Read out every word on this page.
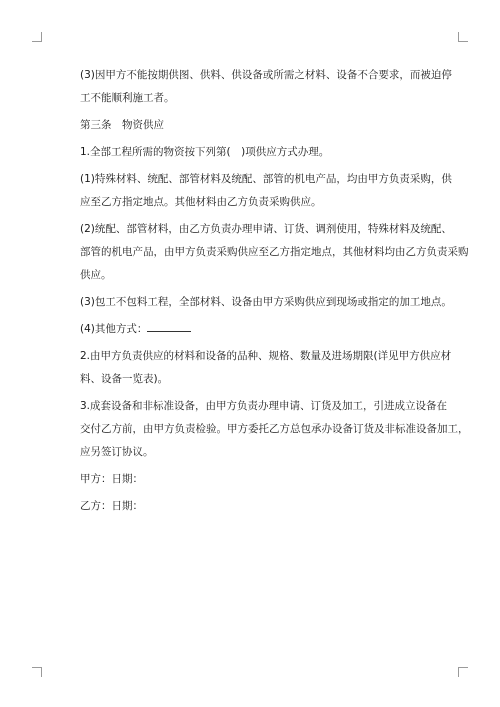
(3)因甲方不能按期供图、供料、供设备或所需之材料、设备不合要求，而被迫停
工不能顺利施工者。

第三条　物资供应

1.全部工程所需的物资按下列第(　)项供应方式办理。

(1)特殊材料、统配、部管材料及统配、部管的机电产品，均由甲方负责采购，供
应至乙方指定地点。其他材料由乙方负责采购供应。

(2)统配、部管材料，由乙方负责办理申请、订货、调剂使用，特殊材料及统配、
部管的机电产品，由甲方负责采购供应至乙方指定地点，其他材料均由乙方负责采购
供应。

(3)包工不包料工程，全部材料、设备由甲方采购供应到现场或指定的加工地点。

(4)其他方式：

2.由甲方负责供应的材料和设备的品种、规格、数量及进场期限(详见甲方供应材
料、设备一览表)。

3.成套设备和非标准设备，由甲方负责办理申请、订货及加工，引进成立设备在
交付乙方前，由甲方负责检验。甲方委托乙方总包承办设备订货及非标准设备加工，
应另签订协议。

甲方：日期：

乙方：日期：
